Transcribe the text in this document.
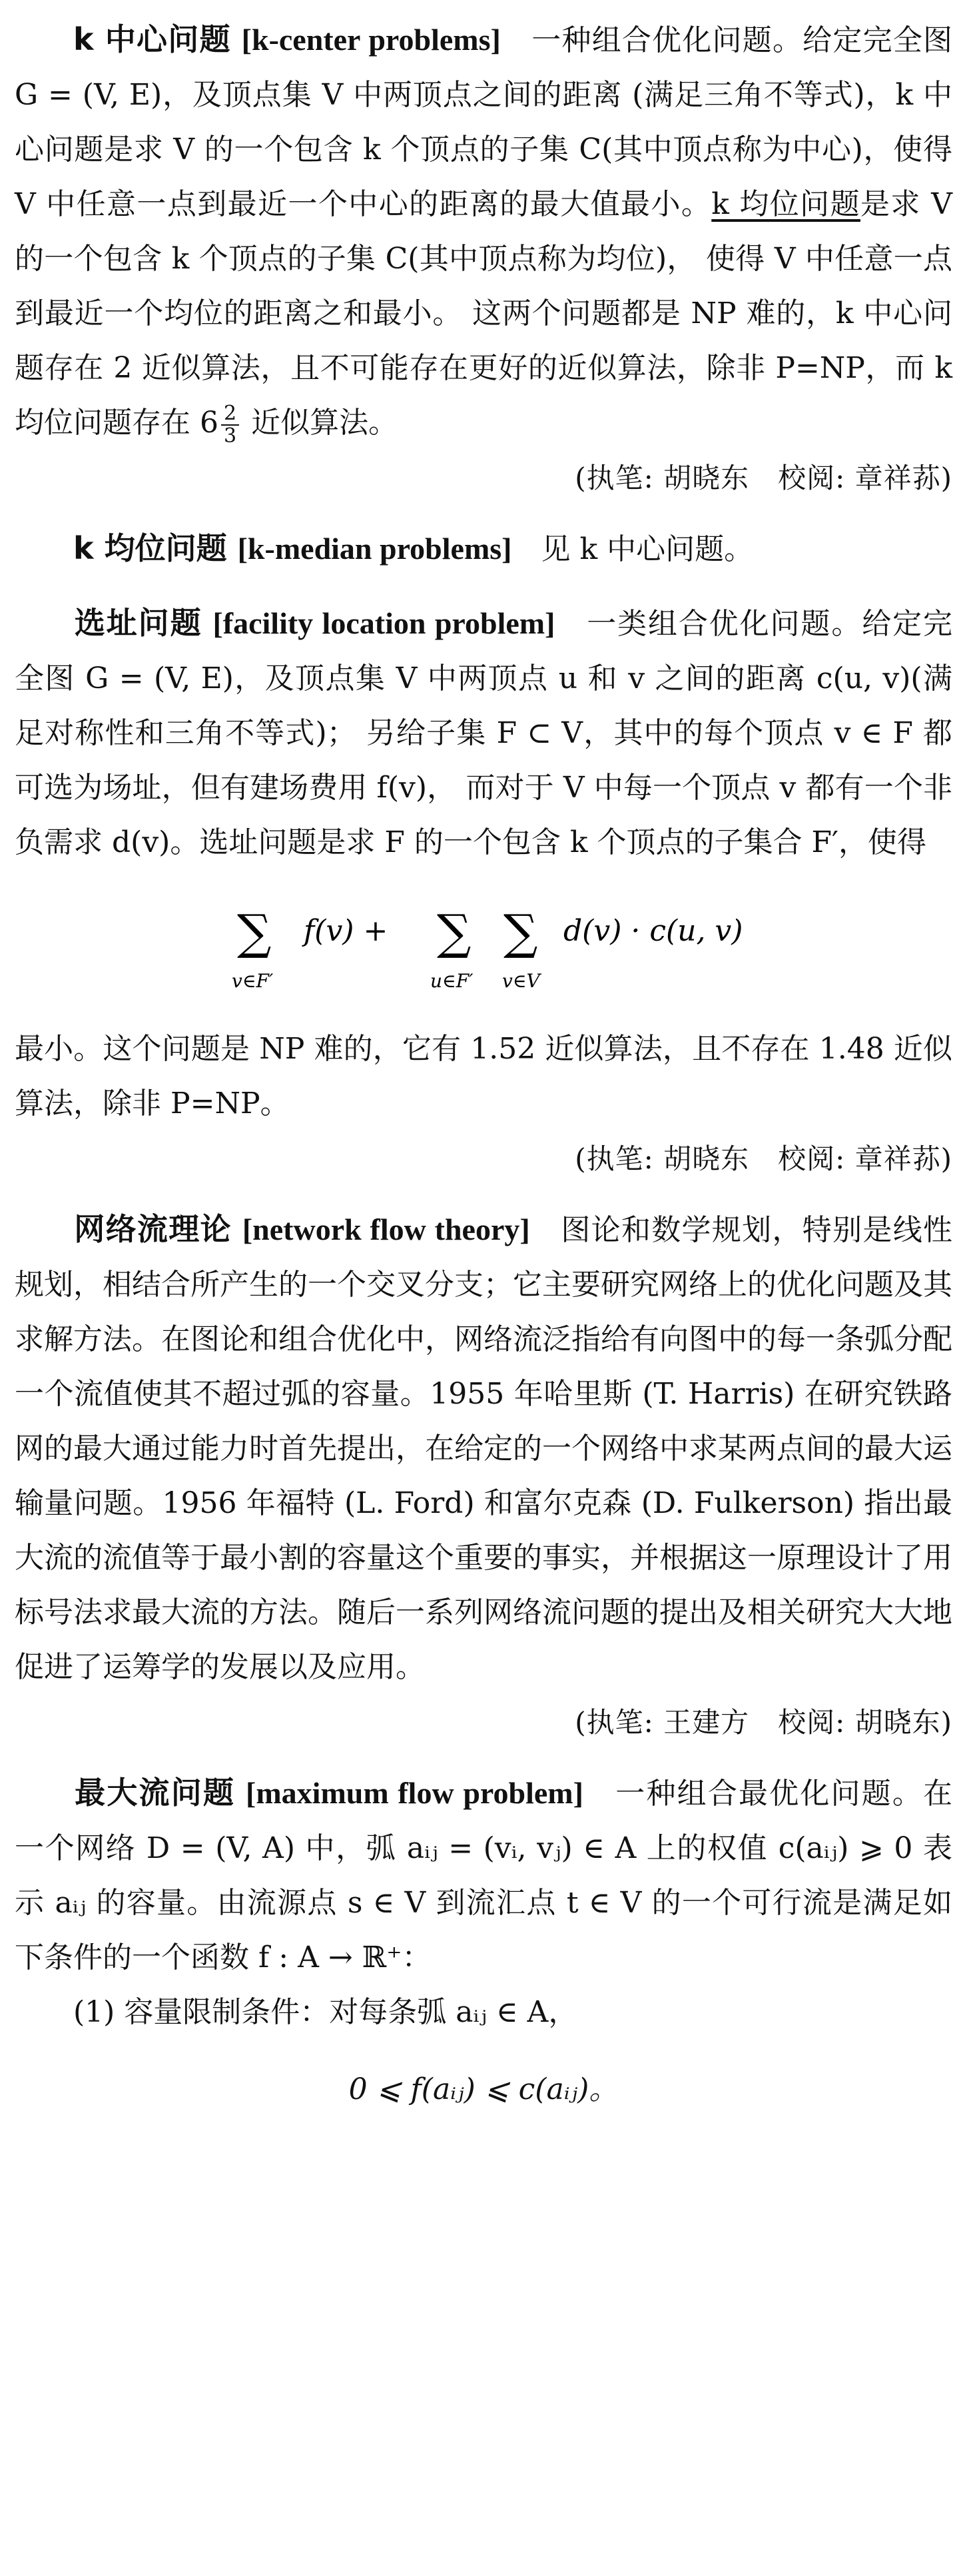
k 中心问题 [k-center problems]　 一种组合优化问题。给定完全图 G = (V, E)，及顶点集 V 中两顶点之间的距离 (满足三角不等式)，k 中心问题是求 V 的一个包含 k 个顶点的子集 C(其中顶点称为中心)，使得 V 中任意一点到最近一个中心的距离的最大值最小。k 均位问题是求 V 的一个包含 k 个顶点的子集 C(其中顶点称为均位)， 使得 V 中任意一点到最近一个均位的距离之和最小。 这两个问题都是 NP 难的，k 中心问题存在 2 近似算法，且不可能存在更好的近似算法，除非 P=NP，而 k 均位问题存在 $6 \frac{2}{3}$ 近似算法。

(执笔: 胡晓东　校阅: 章祥荪)

k 均位问题 [k-median problems]　 见 k 中心问题。

选址问题 [facility location problem]　 一类组合优化问题。给定完全图 G = (V, E)，及顶点集 V 中两顶点 u 和 v 之间的距离 c(u, v)(满足对称性和三角不等式)； 另给子集 F ⊂ V，其中的每个顶点 v ∈ F 都可选为场址，但有建场费用 f(v)， 而对于 V 中每一个顶点 v 都有一个非负需求 d(v)。选址问题是求 F 的一个包含 k 个顶点的子集合 F′，使得

∑
v∈F′
f(v) + ∑
u∈F′
∑
v∈V
d(v) · c(u, v)

最小。这个问题是 NP 难的，它有 1.52 近似算法，且不存在 1.48 近似算法，除非 P=NP。

(执笔: 胡晓东　校阅: 章祥荪)

网络流理论 [network flow theory]　 图论和数学规划，特别是线性规划，相结合所产生的一个交叉分支；它主要研究网络上的优化问题及其求解方法。在图论和组合优化中，网络流泛指给有向图中的每一条弧分配一个流值使其不超过弧的容量。1955 年哈里斯 (T. Harris) 在研究铁路网的最大通过能力时首先提出，在给定的一个网络中求某两点间的最大运输量问题。1956 年福特 (L. Ford) 和富尔克森 (D. Fulkerson) 指出最大流的流值等于最小割的容量这个重要的事实，并根据这一原理设计了用标号法求最大流的方法。随后一系列网络流问题的提出及相关研究大大地促进了运筹学的发展以及应用。

(执笔: 王建方　校阅: 胡晓东)

最大流问题 [maximum flow problem]　 一种组合最优化问题。在一个网络 D = (V, A) 中，弧 aᵢⱼ = (vᵢ, vⱼ) ∈ A 上的权值 c(aᵢⱼ) ⩾ 0 表示 aᵢⱼ 的容量。由流源点 s ∈ V 到流汇点 t ∈ V 的一个可行流是满足如下条件的一个函数 f : A → ℝ⁺：

(1) 容量限制条件：对每条弧 aᵢⱼ ∈ A，

0 ⩽ f(aᵢⱼ) ⩽ c(aᵢⱼ)。
